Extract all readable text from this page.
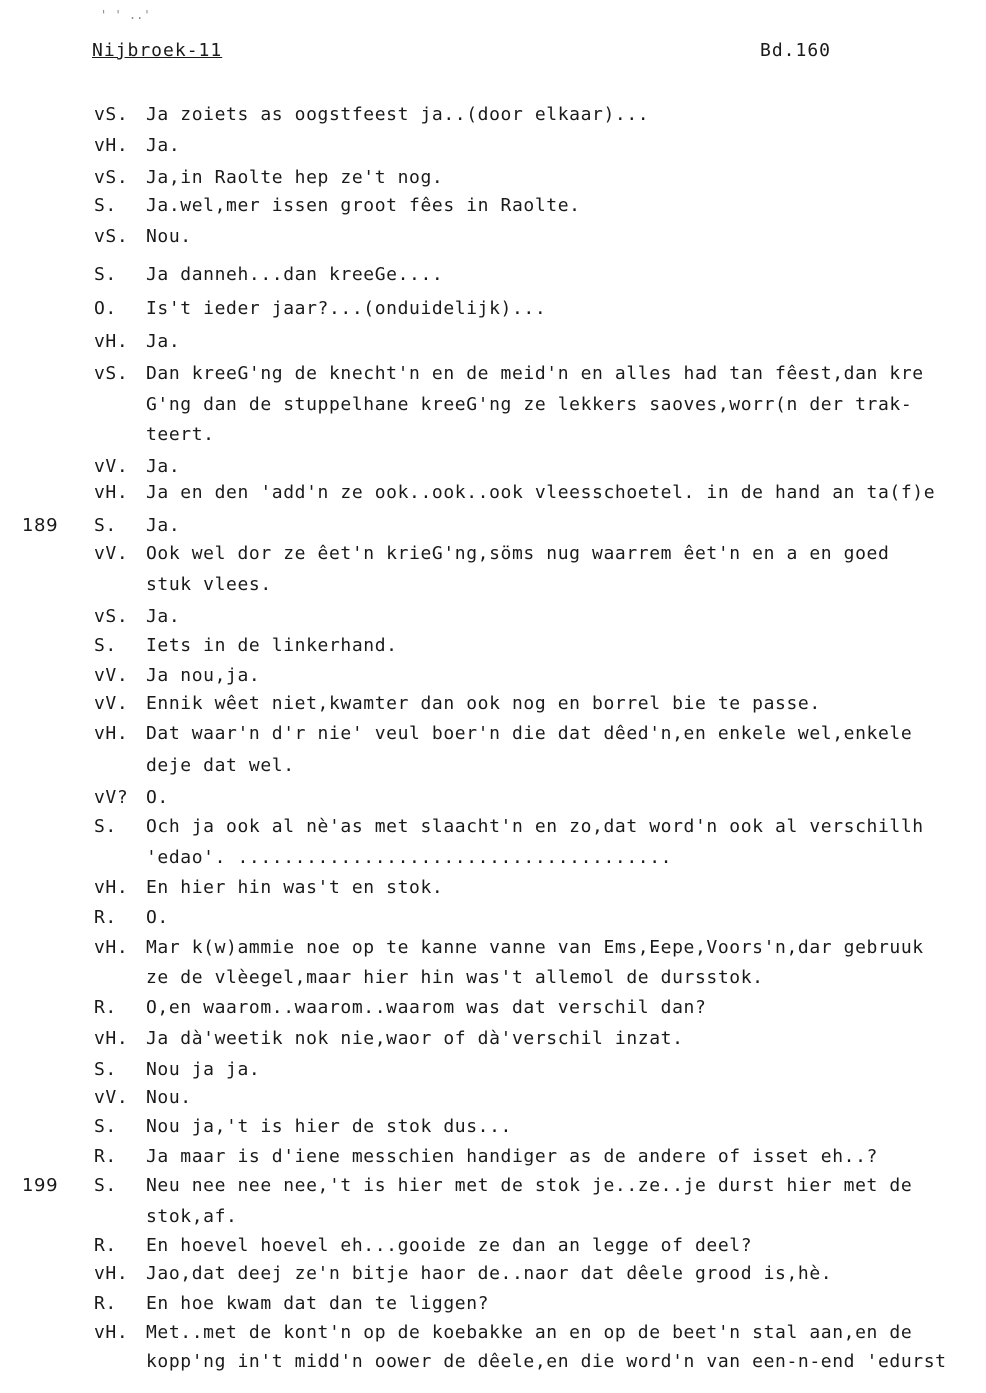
' ' ..'
Nijbroek-11	Bd.160
vS. Ja zoiets as oogstfeest ja..(door elkaar)...
vH. Ja.
vS. Ja,in Raolte hep ze't nog.
S. Ja.wel,mer issen groot fêes in Raolte.
vS. Nou.
S. Ja danneh...dan kreeGe....
O. Is't ieder jaar?...(onduidelijk)...
vH. Ja.
vS. Dan kreeG'ng de knecht'n en de meid'n en alles had tan fêest,dan kre
G'ng dan de stuppelhane kreeG'ng ze lekkers saoves,worr(n der trak-
teert.
vV. Ja.
vH. Ja en den 'add'n ze ook..ook..ook vleesschoetel. in de hand an ta(f)e
189 S. Ja.
vV. Ook wel dor ze êet'n krieG'ng,söms nug waarrem êet'n en a en goed
stuk vlees.
vS. Ja.
S. Iets in de linkerhand.
vV. Ja nou,ja.
vV. Ennik wêet niet,kwamter dan ook nog en borrel bie te passe.
vH. Dat waar'n d'r nie' veul boer'n die dat dêed'n,en enkele wel,enkele
deje dat wel.
vV? O.
S. Och ja ook al nè'as met slaacht'n en zo,dat word'n ook al verschillh
'edao'. ......................................
vH. En hier hin was't en stok.
R. O.
vH. Mar k(w)ammie noe op te kanne vanne van Ems,Eepe,Voors'n,dar gebruuk
ze de vlèegel,maar hier hin was't allemol de dursstok.
R. O,en waarom..waarom..waarom was dat verschil dan?
vH. Ja dà'weetik nok nie,waor of dà'verschil inzat.
S. Nou ja ja.
vV. Nou.
S. Nou ja,'t is hier de stok dus...
R. Ja maar is d'iene messchien handiger as de andere of isset eh..?
199 S. Neu nee nee nee,'t is hier met de stok je..ze..je durst hier met de
stok,af.
R. En hoevel hoevel eh...gooide ze dan an legge of deel?
vH. Jao,dat deej ze'n bitje haor de..naor dat dêele grood is,hè.
R. En hoe kwam dat dan te liggen?
vH. Met..met de kont'n op de koebakke an en op de beet'n stal aan,en de
kopp'ng in't midd'n oower de dêele,en die word'n van een-n-end 'edurst
